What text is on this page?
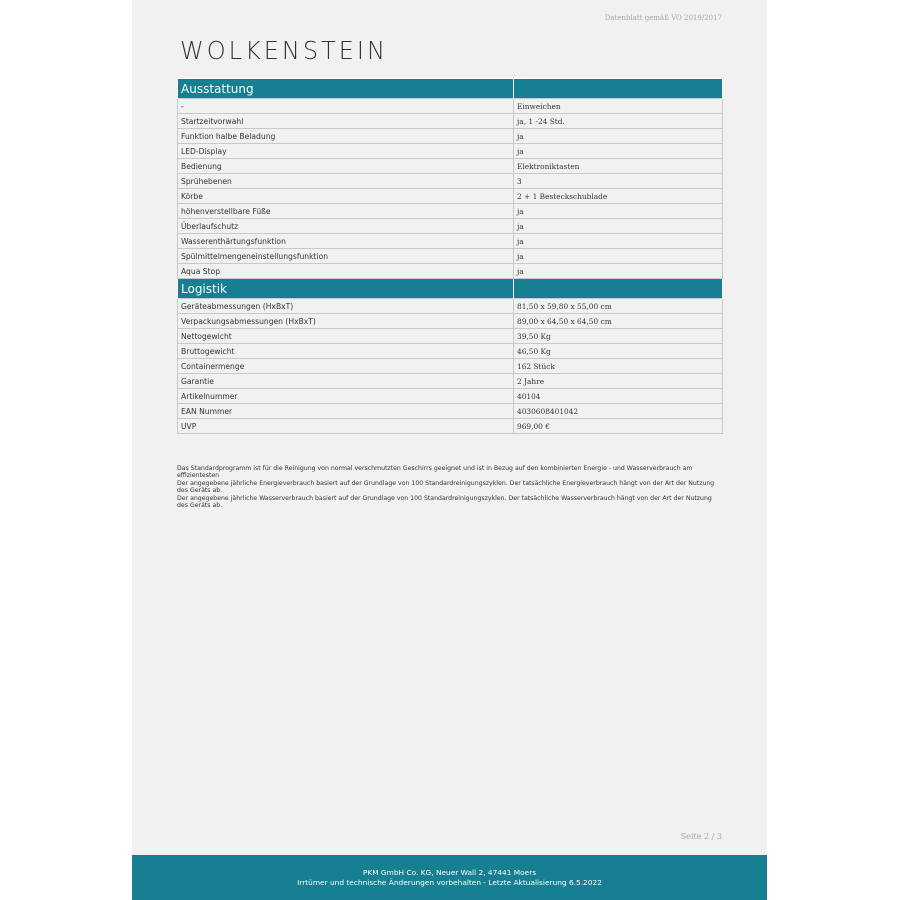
Datenblatt gemäß VO 2019/2017
WOLKENSTEIN
Ausstattung	
-	Einweichen
Startzeitvorwahl	ja, 1 -24 Std.
Funktion halbe Beladung	ja
LED-Display	ja
Bedienung	Elektroniktasten
Sprühebenen	3
Körbe	2 + 1 Besteckschublade
höhenverstellbare Füße	ja
Überlaufschutz	ja
Wasserenthärtungsfunktion	ja
Spülmittelmengeneinstellungsfunktion	ja
Aqua Stop	ja
Logistik	
Geräteabmessungen (HxBxT)	81,50 x 59,80 x 55,00 cm
Verpackungsabmessungen (HxBxT)	89,00 x 64,50 x 64,50 cm
Nettogewicht	39,50 Kg
Bruttogewicht	46,50 Kg
Containermenge	162 Stück
Garantie	2 Jahre
Artikelnummer	40104
EAN Nummer	4030608401042
UVP	969,00 €

Das Standardprogramm ist für die Reinigung von normal verschmutzten Geschirrs geeignet und ist in Bezug auf den kombinierten Energie - und Wasserverbrauch am effizientesten

Der angegebene jährliche Energieverbrauch basiert auf der Grundlage von 100 Standardreinigungszyklen. Der tatsächliche Energieverbrauch hängt von der Art der Nutzung des Geräts ab.

Der angegebene jährliche Wasserverbrauch basiert auf der Grundlage von 100 Standardreinigungszyklen. Der tatsächliche Wasserverbrauch hängt von der Art der Nutzung des Geräts ab.

Seite 2 / 3
PKM GmbH Co. KG, Neuer Wall 2, 47441 Moers
Irrtümer und technische Änderungen vorbehalten - Letzte Aktualisierung 6.5.2022
